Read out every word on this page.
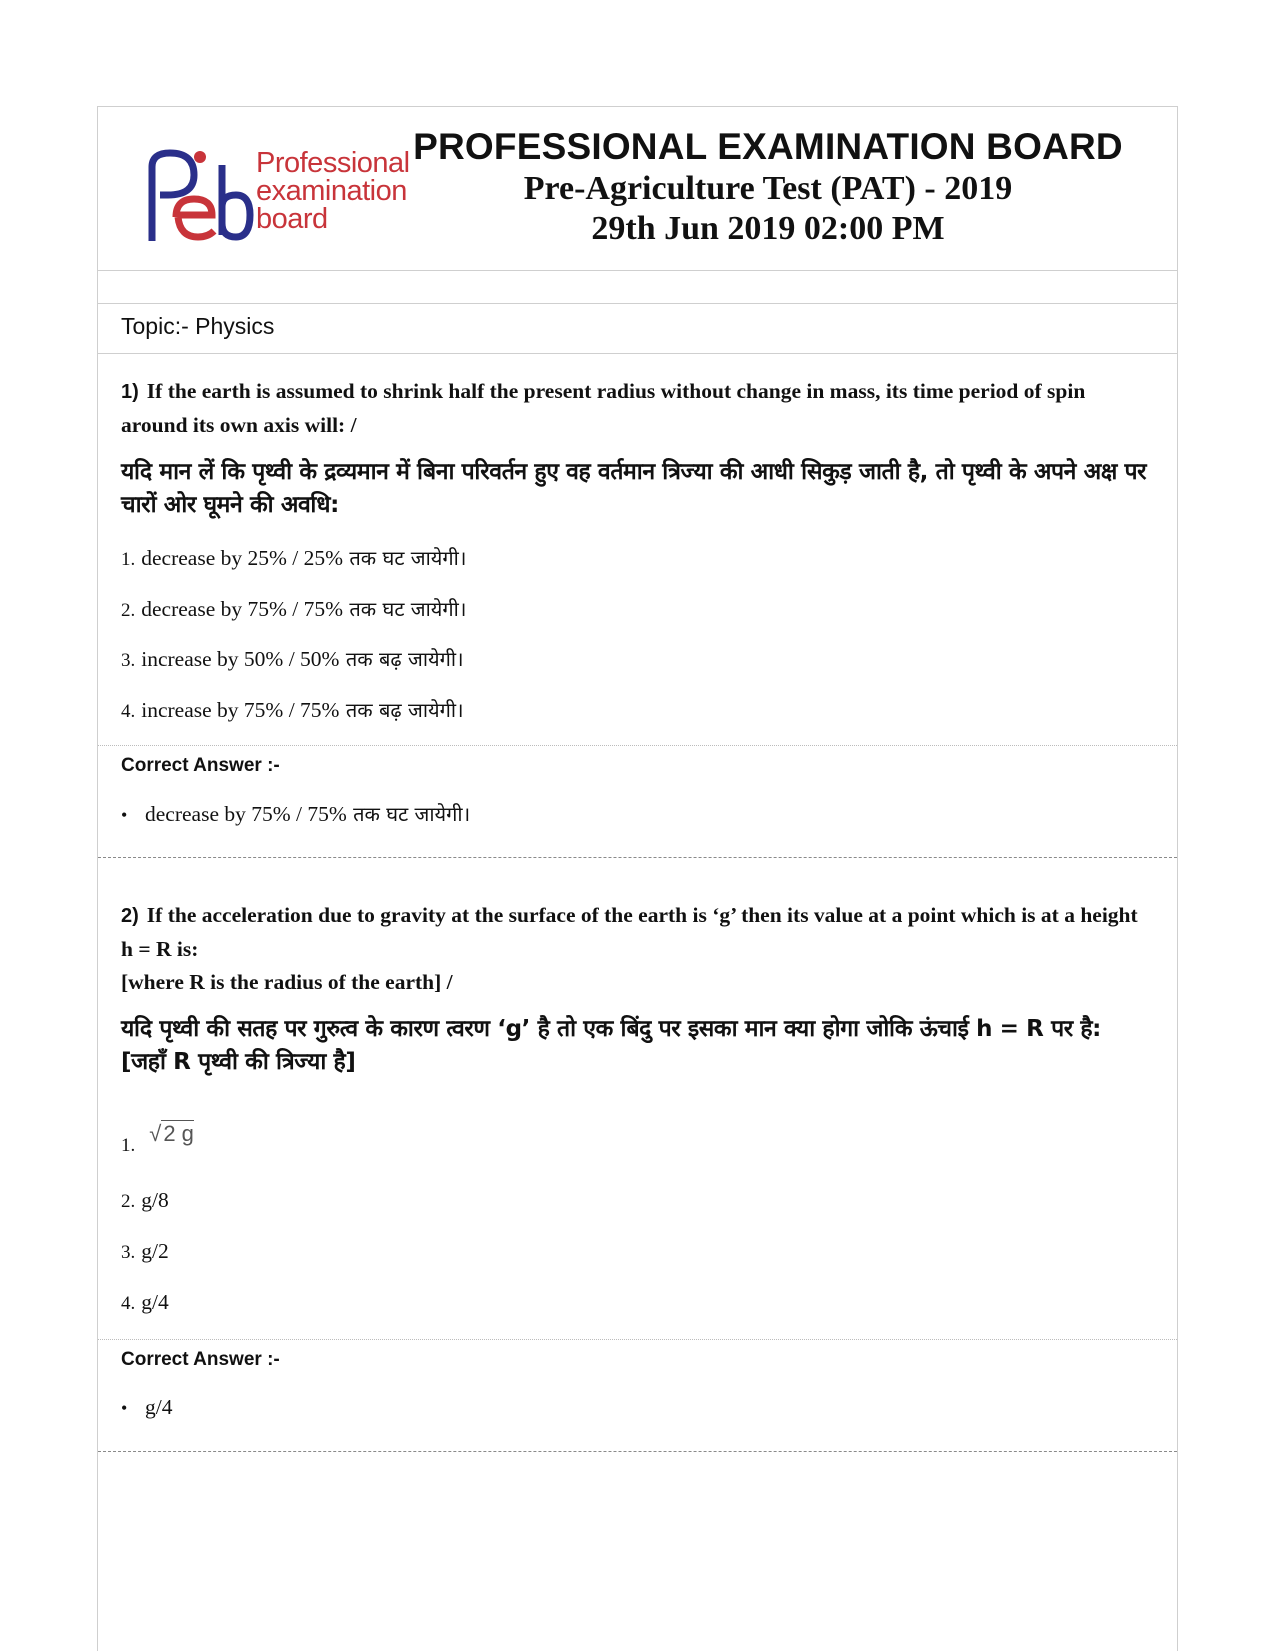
Professional
examination
board

PROFESSIONAL EXAMINATION BOARD

Pre-Agriculture Test (PAT) - 2019

29th Jun 2019 02:00 PM

Topic:- Physics
1) If the earth is assumed to shrink half the present radius without change in mass, its time period of spin around its own axis will: /
यदि मान लें कि पृथ्वी के द्रव्यमान में बिना परिवर्तन हुए वह वर्तमान त्रिज्या की आधी सिकुड़ जाती है, तो पृथ्वी के अपने अक्ष पर चारों ओर घूमने की अवधि:
1. decrease by 25% / 25% तक घट जायेगी।
2. decrease by 75% / 75% तक घट जायेगी।
3. increase by 50% / 50% तक बढ़ जायेगी।
4. increase by 75% / 75% तक बढ़ जायेगी।
Correct Answer :-
• decrease by 75% / 75% तक घट जायेगी।
2) If the acceleration due to gravity at the surface of the earth is ‘g’ then its value at a point which is at a height h = R is:
[where R is the radius of the earth] /
यदि पृथ्वी की सतह पर गुरुत्व के कारण त्वरण ‘g’ है तो एक बिंदु पर इसका मान क्या होगा जोकि ऊंचाई h = R पर है:
[जहाँ R पृथ्वी की त्रिज्या है]
1. √2 g
2. g/8
3. g/2
4. g/4
Correct Answer :-
• g/4
